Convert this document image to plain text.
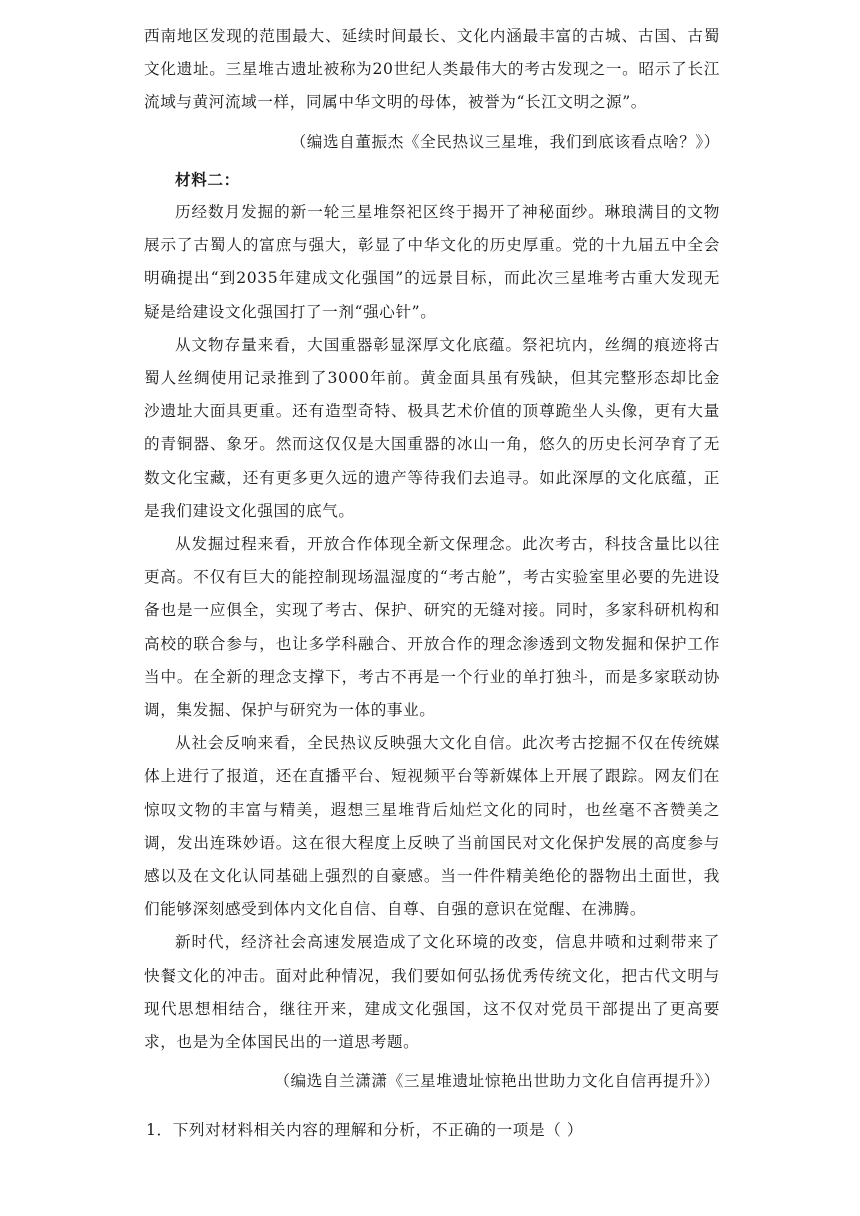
西南地区发现的范围最大、延续时间最长、文化内涵最丰富的古城、古国、古蜀文化遗址。三星堆古遗址被称为20世纪人类最伟大的考古发现之一。昭示了长江流域与黄河流域一样，同属中华文明的母体，被誉为“长江文明之源”。

（编选自董振杰《全民热议三星堆，我们到底该看点啥？》）

材料二：

历经数月发掘的新一轮三星堆祭祀区终于揭开了神秘面纱。琳琅满目的文物展示了古蜀人的富庶与强大，彰显了中华文化的历史厚重。党的十九届五中全会明确提出“到2035年建成文化强国”的远景目标，而此次三星堆考古重大发现无疑是给建设文化强国打了一剂“强心针”。

从文物存量来看，大国重器彰显深厚文化底蕴。祭祀坑内，丝绸的痕迹将古蜀人丝绸使用记录推到了3000年前。黄金面具虽有残缺，但其完整形态却比金沙遗址大面具更重。还有造型奇特、极具艺术价值的顶尊跪坐人头像，更有大量的青铜器、象牙。然而这仅仅是大国重器的冰山一角，悠久的历史长河孕育了无数文化宝藏，还有更多更久远的遗产等待我们去追寻。如此深厚的文化底蕴，正是我们建设文化强国的底气。

从发掘过程来看，开放合作体现全新文保理念。此次考古，科技含量比以往更高。不仅有巨大的能控制现场温湿度的“考古舱”，考古实验室里必要的先进设备也是一应俱全，实现了考古、保护、研究的无缝对接。同时，多家科研机构和高校的联合参与，也让多学科融合、开放合作的理念渗透到文物发掘和保护工作当中。在全新的理念支撑下，考古不再是一个行业的单打独斗，而是多家联动协调，集发掘、保护与研究为一体的事业。

从社会反响来看，全民热议反映强大文化自信。此次考古挖掘不仅在传统媒体上进行了报道，还在直播平台、短视频平台等新媒体上开展了跟踪。网友们在惊叹文物的丰富与精美，遐想三星堆背后灿烂文化的同时，也丝毫不吝赞美之调，发出连珠妙语。这在很大程度上反映了当前国民对文化保护发展的高度参与感以及在文化认同基础上强烈的自豪感。当一件件精美绝伦的器物出土面世，我们能够深刻感受到体内文化自信、自尊、自强的意识在觉醒、在沸腾。

新时代，经济社会高速发展造成了文化环境的改变，信息井喷和过剩带来了快餐文化的冲击。面对此种情况，我们要如何弘扬优秀传统文化，把古代文明与现代思想相结合，继往开来，建成文化强国，这不仅对党员干部提出了更高要求，也是为全体国民出的一道思考题。

（编选自兰潇潇《三星堆遗址惊艳出世助力文化自信再提升》）

1．下列对材料相关内容的理解和分析，不正确的一项是（ ）
